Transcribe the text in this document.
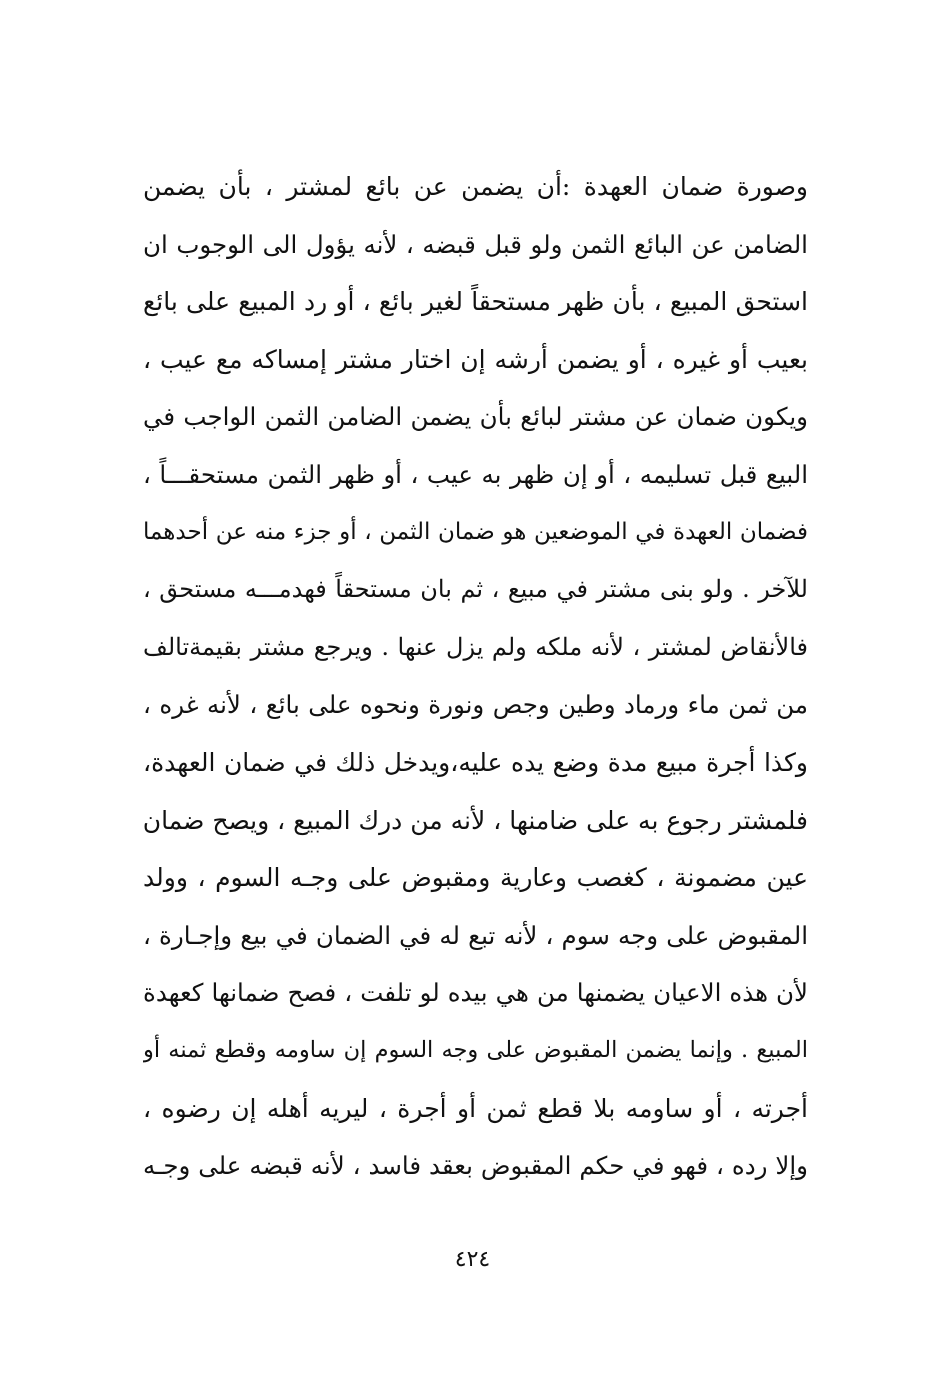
وصورة ضمان العهدة :أن يضمن عن بائع لمشتر ، بأن يضمن
الضامن عن البائع الثمن ولو قبل قبضه ، لأنه يؤول الى الوجوب ان
استحق المبيع ، بأن ظهر مستحقاً لغير بائع ، أو رد المبيع على بائع
بعيب أو غيره ، أو يضمن أرشه إن اختار مشتر إمساكه مع عيب ،
ويكون ضمان عن مشتر لبائع بأن يضمن الضامن الثمن الواجب في
البيع قبل تسليمه ، أو إن ظهر به عيب ، أو ظهر الثمن مستحقـــاً ،
فضمان العهدة في الموضعين هو ضمان الثمن ، أو جزء منه عن أحدهما
للآخر . ولو بنى مشتر في مبيع ، ثم بان مستحقاً فهدمـــه مستحق ،
فالأنقاض لمشتر ، لأنه ملكه ولم يزل عنها . ويرجع مشتر بقيمةتالف
من ثمن ماء ورماد وطين وجص ونورة ونحوه على بائع ، لأنه غره ،
وكذا أجرة مبيع مدة وضع يده عليه،ويدخل ذلك في ضمان العهدة،
فلمشتر رجوع به على ضامنها ، لأنه من درك المبيع ، ويصح ضمان
عين مضمونة ، كغصب وعارية ومقبوض على وجـه السوم ، وولد
المقبوض على وجه سوم ، لأنه تبع له في الضمان في بيع وإجـارة ،
لأن هذه الاعيان يضمنها من هي بيده لو تلفت ، فصح ضمانها كعهدة
المبيع . وإنما يضمن المقبوض على وجه السوم إن ساومه وقطع ثمنه أو
أجرته ، أو ساومه بلا قطع ثمن أو أجرة ، ليريه أهله إن رضوه ،
وإلا رده ، فهو في حكم المقبوض بعقد فاسد ، لأنه قبضه على وجـه
٤٢٤
